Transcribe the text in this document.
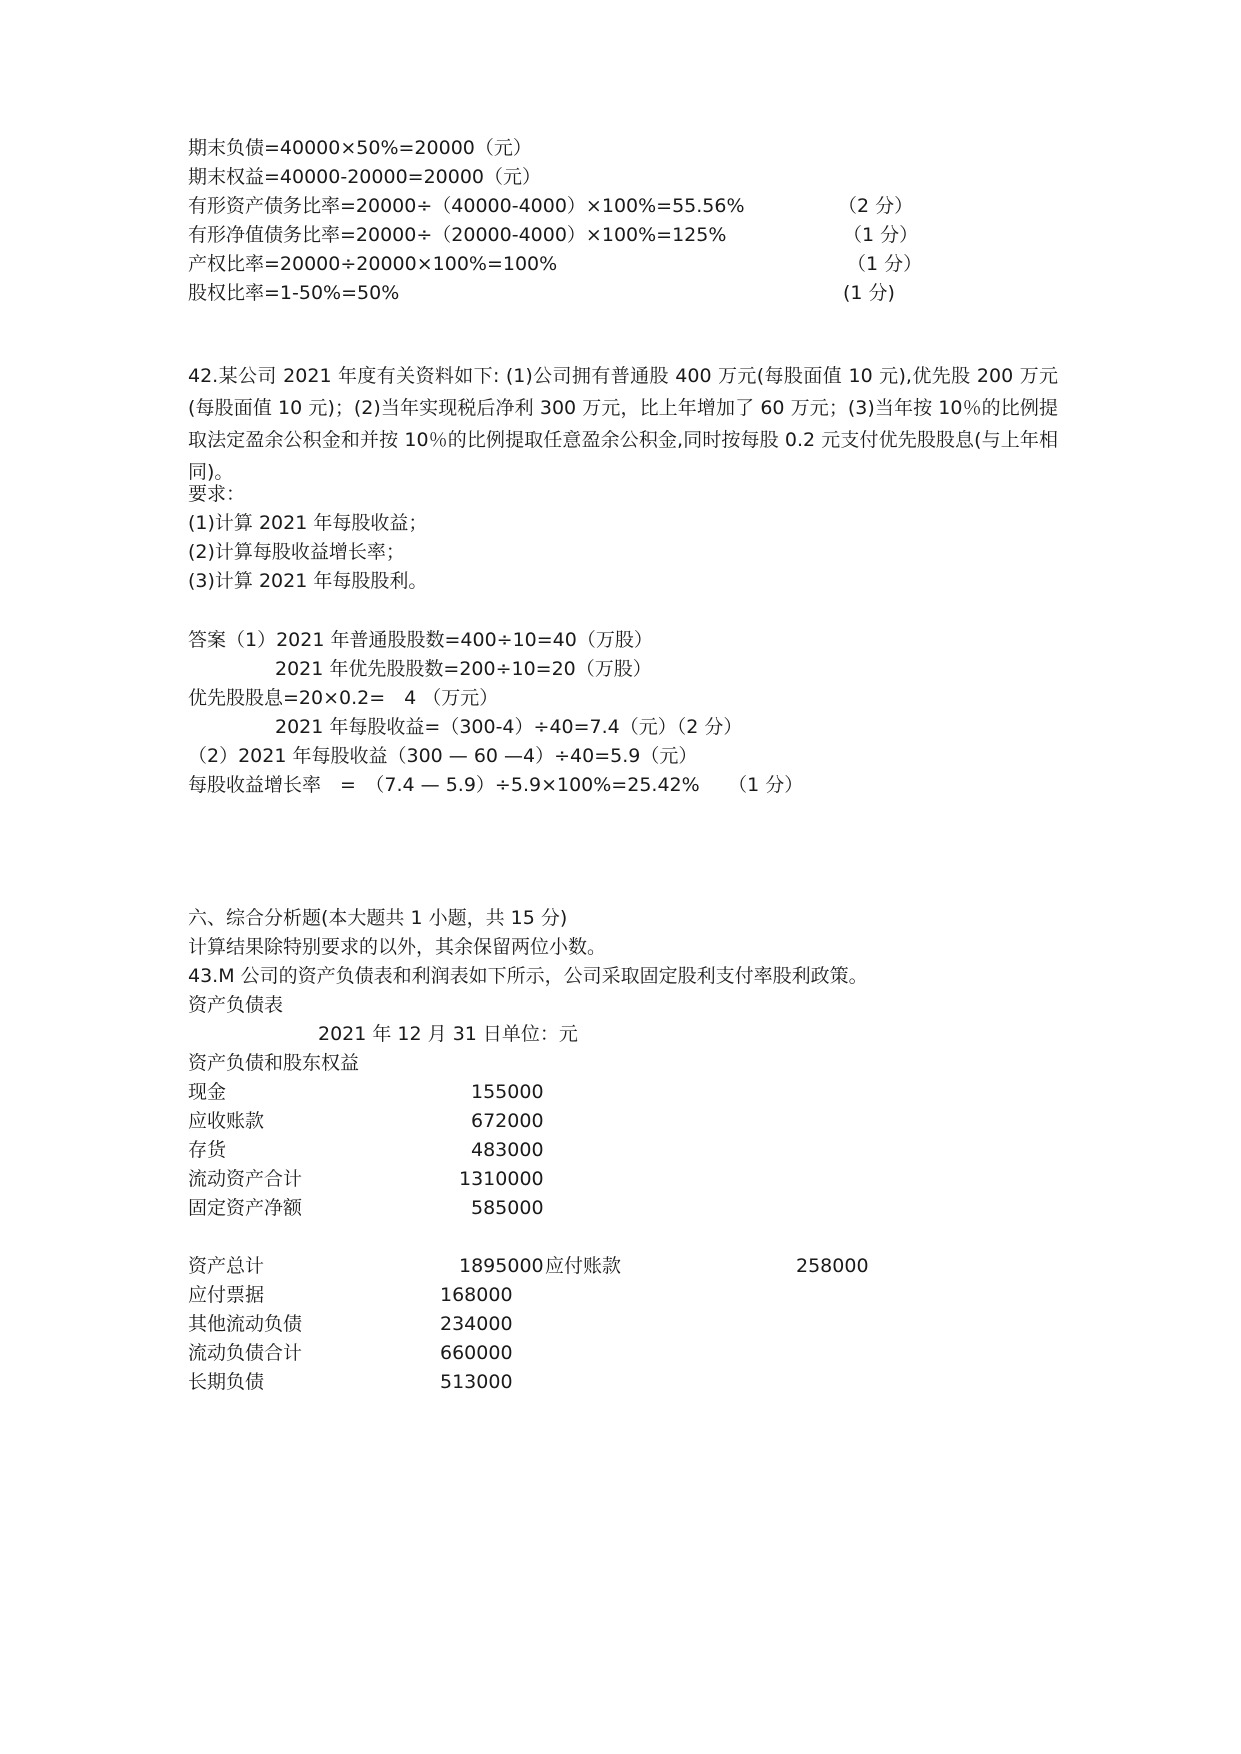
期末负债=40000×50%=20000（元）
期末权益=40000-20000=20000（元）
有形资产债务比率=20000÷（40000-4000）×100%=55.56%	（2 分）
有形净值债务比率=20000÷（20000-4000）×100%=125%	（1 分）
产权比率=20000÷20000×100%=100%	（1 分）
股权比率=1-50%=50%	(1 分)

42.某公司 2021 年度有关资料如下: (1)公司拥有普通股 400 万元(每股面值 10 元),优先股 200 万元(每股面值 10 元)；(2)当年实现税后净利 300 万元，比上年增加了 60 万元；(3)当年按 10％的比例提取法定盈余公积金和并按 10％的比例提取任意盈余公积金,同时按每股 0.2 元支付优先股股息(与上年相同)。

要求：
(1)计算 2021 年每股收益；
(2)计算每股收益增长率；
(3)计算 2021 年每股股利。
答案（1）2021 年普通股股数=400÷10=40（万股）
2021 年优先股股数=200÷10=20（万股）
优先股股息=20×0.2=　4 （万元）
2021 年每股收益=（300-4）÷40=7.4（元）（2 分）
（2）2021 年每股收益（300 — 60 —4）÷40=5.9（元）
每股收益增长率　=　（7.4 — 5.9）÷5.9×100%=25.42%　　（1 分）
六、综合分析题(本大题共 1 小题，共 15 分)
计算结果除特别要求的以外，其余保留两位小数。
43.M 公司的资产负债表和利润表如下所示，公司采取固定股利支付率股利政策。
资产负债表
2021 年 12 月 31 日单位：元
资产负债和股东权益
现金	155000
应收账款	672000
存货	483000
流动资产合计	1310000
固定资产净额	585000
资产总计	1895000 应付账款	258000
应付票据	168000
其他流动负债	234000
流动负债合计	660000
长期负债	513000
